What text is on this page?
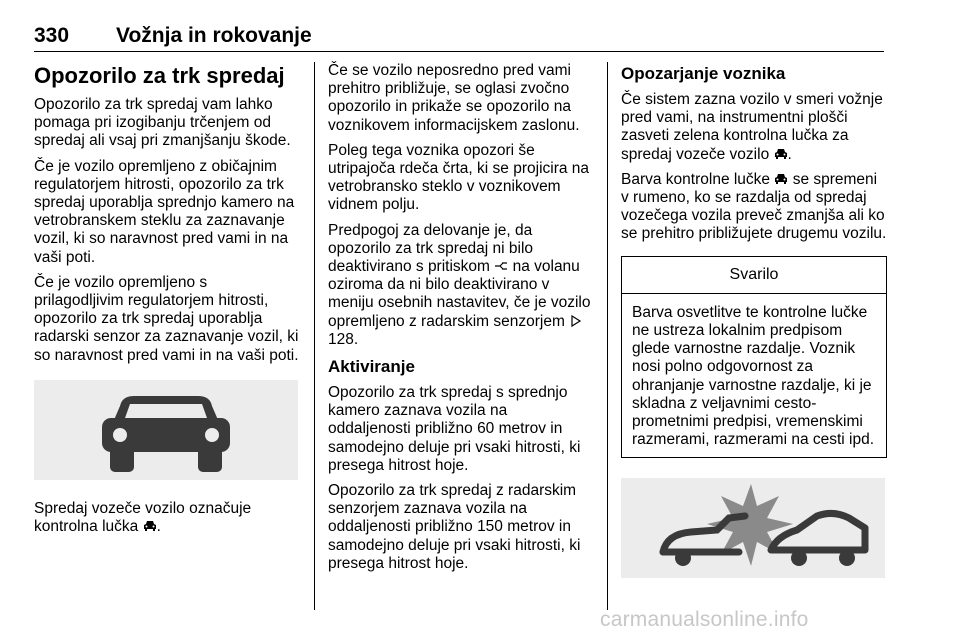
330 Vožnja in rokovanje
Opozorilo za trk spredaj

Opozorilo za trk spredaj vam lahko pomaga pri izogibanju trčenjem od spredaj ali vsaj pri zmanjšanju škode.

Če je vozilo opremljeno z običajnim regulatorjem hitrosti, opozorilo za trk spredaj uporablja sprednjo kamero na vetrobranskem steklu za zaznavanje vozil, ki so naravnost pred vami in na vaši poti.

Če je vozilo opremljeno s prilagodljivim regulatorjem hitrosti, opozorilo za trk spredaj uporablja radarski senzor za zaznavanje vozil, ki so naravnost pred vami in na vaši poti.

Spredaj vozeče vozilo označuje kontrolna lučka .

Če se vozilo neposredno pred vami prehitro približuje, se oglasi zvočno opozorilo in prikaže se opozorilo na voznikovem informacijskem zaslonu.

Poleg tega voznika opozori še utripajoča rdeča črta, ki se projicira na vetrobransko steklo v voznikovem vidnem polju.

Predpogoj za delovanje je, da opozorilo za trk spredaj ni bilo deaktivirano s pritiskom na volanu oziroma da ni bilo deaktivirano v meniju osebnih nastavitev, če je vozilo opremljeno z radarskim senzorjem  128.

Aktiviranje

Opozorilo za trk spredaj s sprednjo kamero zaznava vozila na oddaljenosti približno 60 metrov in samodejno deluje pri vsaki hitrosti, ki presega hitrost hoje.

Opozorilo za trk spredaj z radarskim senzorjem zaznava vozila na oddaljenosti približno 150 metrov in samodejno deluje pri vsaki hitrosti, ki presega hitrost hoje.

Opozarjanje voznika

Če sistem zazna vozilo v smeri vožnje pred vami, na instrumentni plošči zasveti zelena kontrolna lučka za spredaj vozeče vozilo .

Barva kontrolne lučke se spremeni v rumeno, ko se razdalja od spredaj vozečega vozila preveč zmanjša ali ko se prehitro približujete drugemu vozilu.

Svarilo
Barva osvetlitve te kontrolne lučke ne ustreza lokalnim predpisom glede varnostne razdalje. Voznik nosi polno odgovornost za ohranjanje varnostne razdalje, ki je skladna z veljavnimi cesto-prometnimi predpisi, vremenskimi razmerami, razmerami na cesti ipd.
carmanualsonline.info
